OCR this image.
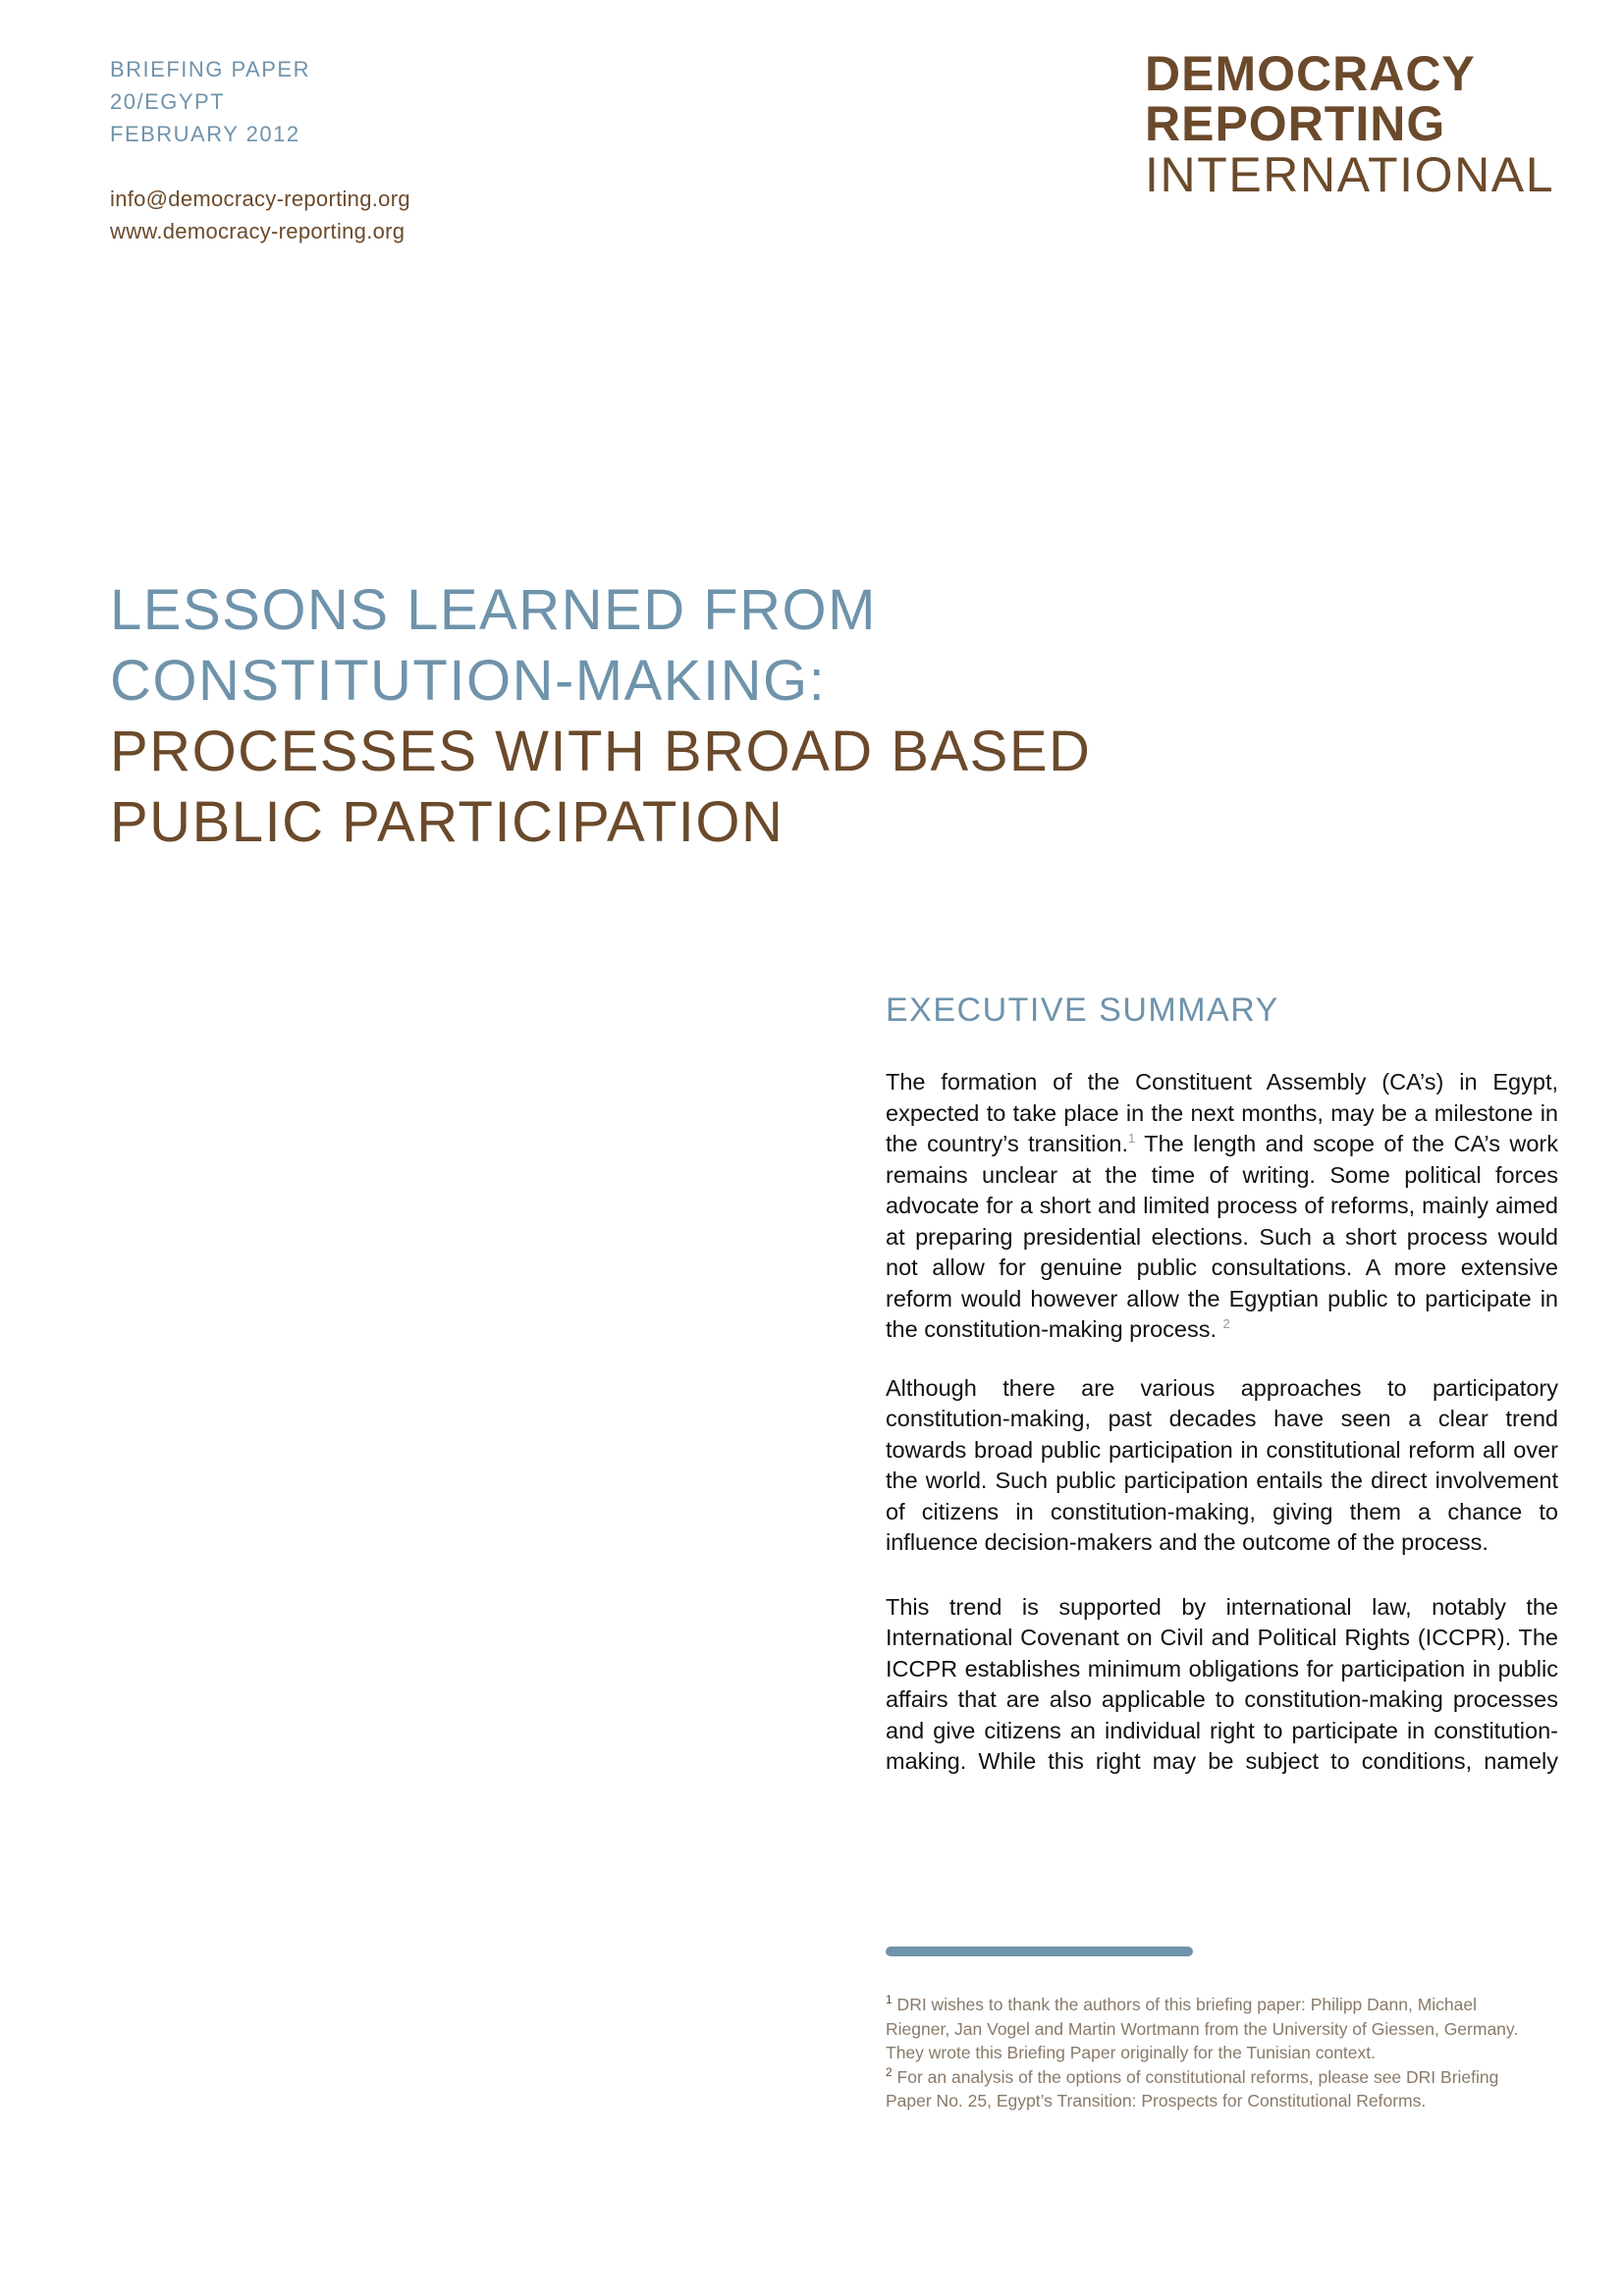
BRIEFING PAPER
20/EGYPT
FEBRUARY 2012
info@democracy-reporting.org
www.democracy-reporting.org
DEMOCRACY
REPORTING
INTERNATIONAL
LESSONS LEARNED FROM
CONSTITUTION-MAKING:
PROCESSES WITH BROAD BASED
PUBLIC PARTICIPATION
EXECUTIVE SUMMARY

The formation of the Constituent Assembly (CA’s) in Egypt, expected to take place in the next months, may be a milestone in the country’s transition.$^1$ The length and scope of the CA’s work remains unclear at the time of writing. Some political forces advocate for a short and limited process of reforms, mainly aimed at preparing presidential elections. Such a short process would not allow for genuine public consultations. A more extensive reform would however allow the Egyptian public to participate in the constitution-making process. $^2$

Although there are various approaches to participatory constitution-making, past decades have seen a clear trend towards broad public participation in constitutional reform all over the world. Such public participation entails the direct involvement of citizens in constitution-making, giving them a chance to influence decision-makers and the outcome of the process.

This trend is supported by international law, notably the International Covenant on Civil and Political Rights (ICCPR). The ICCPR establishes minimum obligations for participation in public affairs that are also applicable to constitution-making processes and give citizens an individual right to participate in constitution-making. While this right may be subject to conditions, namely

$^1$ DRI wishes to thank the authors of this briefing paper: Philipp Dann, Michael Riegner, Jan Vogel and Martin Wortmann from the University of Giessen, Germany. They wrote this Briefing Paper originally for the Tunisian context.

$^2$ For an analysis of the options of constitutional reforms, please see DRI Briefing Paper No. 25, Egypt’s Transition: Prospects for Constitutional Reforms.
